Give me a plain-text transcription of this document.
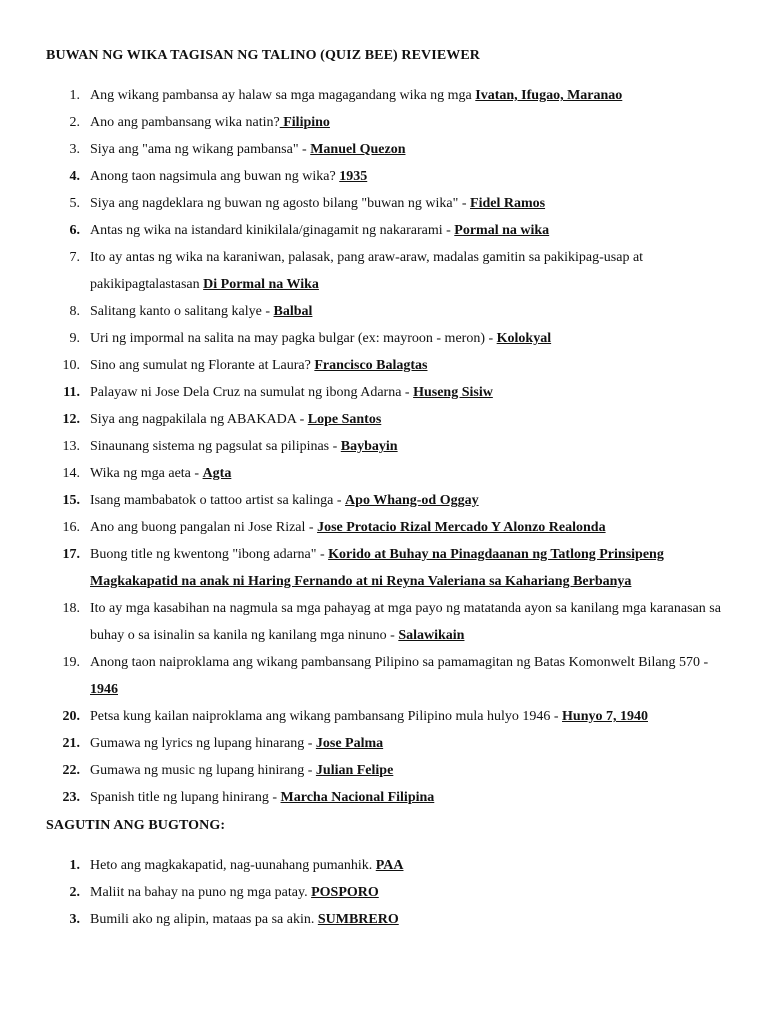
BUWAN NG WIKA TAGISAN NG TALINO (QUIZ BEE) REVIEWER
1. Ang wikang pambansa ay halaw sa mga magagandang wika ng mga Ivatan, Ifugao, Maranao
2. Ano ang pambansang wika natin? Filipino
3. Siya ang "ama ng wikang pambansa" - Manuel Quezon
4. Anong taon nagsimula ang buwan ng wika? 1935
5. Siya ang nagdeklara ng buwan ng agosto bilang "buwan ng wika" - Fidel Ramos
6. Antas ng wika na istandard kinikilala/ginagamit ng nakararami - Pormal na wika
7. Ito ay antas ng wika na karaniwan, palasak, pang araw-araw, madalas gamitin sa pakikipag-usap at pakikipagtalastasan Di Pormal na Wika
8. Salitang kanto o salitang kalye - Balbal
9. Uri ng impormal na salita na may pagka bulgar (ex: mayroon - meron) - Kolokyal
10. Sino ang sumulat ng Florante at Laura? Francisco Balagtas
11. Palayaw ni Jose Dela Cruz na sumulat ng ibong Adarna - Huseng Sisiw
12. Siya ang nagpakilala ng ABAKADA - Lope Santos
13. Sinaunang sistema ng pagsulat sa pilipinas - Baybayin
14. Wika ng mga aeta - Agta
15. Isang mambabatok o tattoo artist sa kalinga - Apo Whang-od Oggay
16. Ano ang buong pangalan ni Jose Rizal - Jose Protacio Rizal Mercado Y Alonzo Realonda
17. Buong title ng kwentong "ibong adarna" - Korido at Buhay na Pinagdaanan ng Tatlong Prinsipeng Magkakapatid na anak ni Haring Fernando at ni Reyna Valeriana sa Kahariang Berbanya
18. Ito ay mga kasabihan na nagmula sa mga pahayag at mga payo ng matatanda ayon sa kanilang mga karanasan sa buhay o sa isinalin sa kanila ng kanilang mga ninuno - Salawikain
19. Anong taon naiproklama ang wikang pambansang Pilipino sa pamamagitan ng Batas Komonwelt Bilang 570 - 1946
20. Petsa kung kailan naiproklama ang wikang pambansang Pilipino mula hulyo 1946 - Hunyo 7, 1940
21. Gumawa ng lyrics ng lupang hinarang - Jose Palma
22. Gumawa ng music ng lupang hinirang - Julian Felipe
23. Spanish title ng lupang hinirang - Marcha Nacional Filipina
SAGUTIN ANG BUGTONG:
1. Heto ang magkakapatid, nag-uunahang pumanhik. PAA
2. Maliit na bahay na puno ng mga patay. POSPORO
3. Bumili ako ng alipin, mataas pa sa akin. SUMBRERO
